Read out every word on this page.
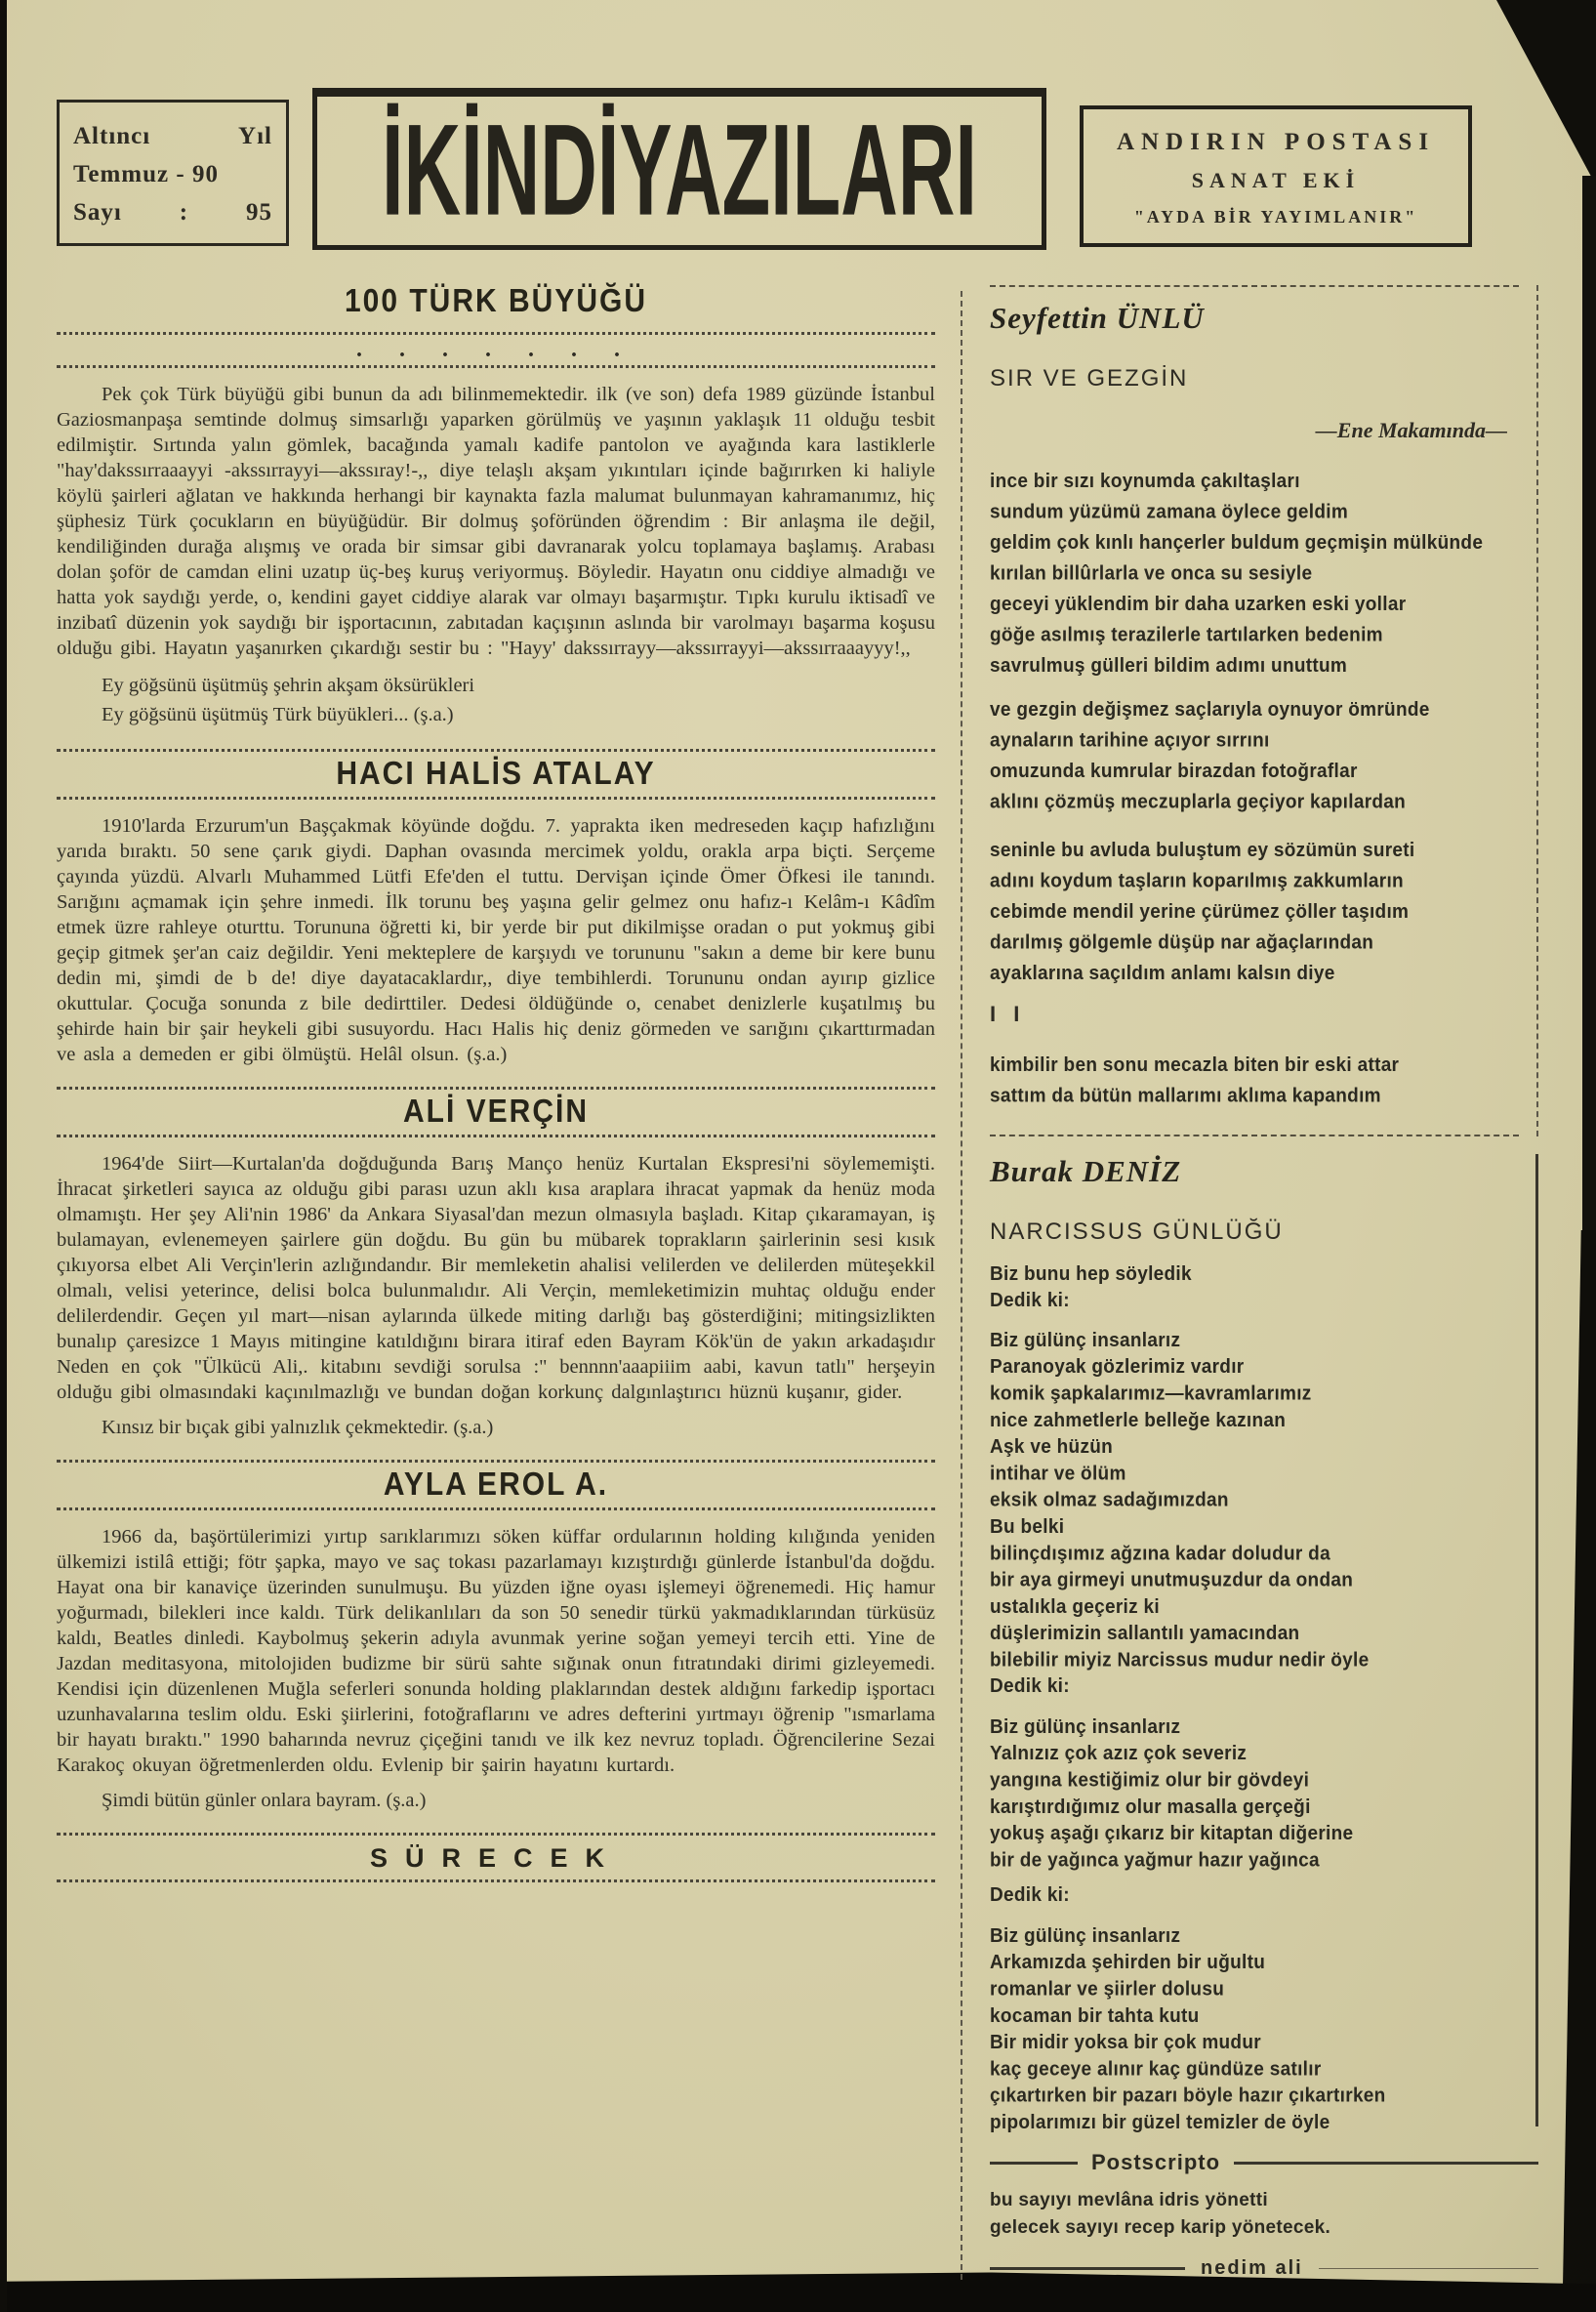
Altıncı	Yıl
Temmuz - 90
Sayı : 95 İKİNDİYAZILARI	ANDIRIN POSTASI
SANAT EKİ
"AYDA BİR YAYIMLANIR"
100 TÜRK BÜYÜĞÜ
. . . . . . .

Pek çok Türk büyüğü gibi bunun da adı bilinmemektedir. ilk (ve son) defa 1989 güzünde İstanbul Gaziosmanpaşa semtinde dolmuş simsarlığı yaparken görülmüş ve yaşının yaklaşık 11 olduğu tesbit edilmiştir. Sırtında yalın gömlek, bacağında yamalı kadife pantolon ve ayağında kara lastiklerle "hay'dakssırraaayyi -akssırrayyi—akssıray!-,, diye telaşlı akşam yıkıntıları içinde bağırırken ki haliyle köylü şairleri ağlatan ve hakkında herhangi bir kaynakta fazla malumat bulunmayan kahramanımız, hiç şüphesiz Türk çocukların en büyüğüdür. Bir dolmuş şoföründen öğrendim : Bir anlaşma ile değil, kendiliğinden durağa alışmış ve orada bir simsar gibi davranarak yolcu toplamaya başlamış. Arabası dolan şoför de camdan elini uzatıp üç-beş kuruş veriyormuş. Böyledir. Hayatın onu ciddiye almadığı ve hatta yok saydığı yerde, o, kendini gayet ciddiye alarak var olmayı başarmıştır. Tıpkı kurulu iktisadî ve inzibatî düzenin yok saydığı bir işportacının, zabıtadan kaçışının aslında bir varolmayı başarma koşusu olduğu gibi. Hayatın yaşanırken çıkardığı sestir bu : "Hayy' dakssırrayy—akssırrayyi—akssırraaayyy!,,

Ey göğsünü üşütmüş şehrin akşam öksürükleri
Ey göğsünü üşütmüş Türk büyükleri... (ş.a.)
HACI HALİS ATALAY

1910'larda Erzurum'un Başçakmak köyünde doğdu. 7. yaprakta iken medreseden kaçıp hafızlığını yarıda bıraktı. 50 sene çarık giydi. Daphan ovasında mercimek yoldu, orakla arpa biçti. Serçeme çayında yüzdü. Alvarlı Muhammed Lütfi Efe'den el tuttu. Dervişan içinde Ömer Öfkesi ile tanındı. Sarığını açmamak için şehre inmedi. İlk torunu beş yaşına gelir gelmez onu hafız-ı Kelâm-ı Kâdîm etmek üzre rahleye oturttu. Torununa öğretti ki, bir yerde bir put dikilmişse oradan o put yokmuş gibi geçip gitmek şer'an caiz değildir. Yeni mekteplere de karşıydı ve torununu "sakın a deme bir kere bunu dedin mi, şimdi de b de! diye dayatacaklardır,, diye tembihlerdi. Torununu ondan ayırıp gizlice okuttular. Çocuğa sonunda z bile dedirttiler. Dedesi öldüğünde o, cenabet denizlerle kuşatılmış bu şehirde hain bir şair heykeli gibi susuyordu. Hacı Halis hiç deniz görmeden ve sarığını çıkarttırmadan ve asla a demeden er gibi ölmüştü. Helâl olsun. (ş.a.)

ALİ VERÇİN

1964'de Siirt—Kurtalan'da doğduğunda Barış Manço henüz Kurtalan Ekspresi'ni söylememişti. İhracat şirketleri sayıca az olduğu gibi parası uzun aklı kısa araplara ihracat yapmak da henüz moda olmamıştı. Her şey Ali'nin 1986' da Ankara Siyasal'dan mezun olmasıyla başladı. Kitap çıkaramayan, iş bulamayan, evlenemeyen şairlere gün doğdu. Bu gün bu mübarek toprakların şairlerinin sesi kısık çıkıyorsa elbet Ali Verçin'lerin azlığındandır. Bir memleketin ahalisi velilerden ve delilerden müteşekkil olmalı, velisi yeterince, delisi bolca bulunmalıdır. Ali Verçin, memleketimizin muhtaç olduğu ender delilerdendir. Geçen yıl mart—nisan aylarında ülkede miting darlığı baş gösterdiğini; mitingsizlikten bunalıp çaresizce 1 Mayıs mitingine katıldığını birara itiraf eden Bayram Kök'ün de yakın arkadaşıdır Neden en çok "Ülkücü Ali,. kitabını sevdiği sorulsa :" bennnn'aaapiiim aabi, kavun tatlı" herşeyin olduğu gibi olmasındaki kaçınılmazlığı ve bundan doğan korkunç dalgınlaştırıcı hüznü kuşanır, gider.

Kınsız bir bıçak gibi yalnızlık çekmektedir. (ş.a.)

AYLA EROL A.

1966 da, başörtülerimizi yırtıp sarıklarımızı söken küffar ordularının holding kılığında yeniden ülkemizi istilâ ettiği; fötr şapka, mayo ve saç tokası pazarlamayı kızıştırdığı günlerde İstanbul'da doğdu. Hayat ona bir kanaviçe üzerinden sunulmuşu. Bu yüzden iğne oyası işlemeyi öğrenemedi. Hiç hamur yoğurmadı, bilekleri ince kaldı. Türk delikanlıları da son 50 senedir türkü yakmadıklarından türküsüz kaldı, Beatles dinledi. Kaybolmuş şekerin adıyla avunmak yerine soğan yemeyi tercih etti. Yine de Jazdan meditasyona, mitolojiden budizme bir sürü sahte sığınak onun fıtratındaki dirimi gizleyemedi. Kendisi için düzenlenen Muğla seferleri sonunda holding plaklarından destek aldığını farkedip işportacı uzunhavalarına teslim oldu. Eski şiirlerini, fotoğraflarını ve adres defterini yırtmayı öğrenip "ısmarlama bir hayatı bıraktı." 1990 baharında nevruz çiçeğini tanıdı ve ilk kez nevruz topladı. Öğrencilerine Sezai Karakoç okuyan öğretmenlerden oldu. Evlenip bir şairin hayatını kurtardı.

Şimdi bütün günler onlara bayram. (ş.a.)

SÜRECEK
Seyfettin ÜNLÜ
SIR VE GEZGİN
—Ene Makamında—
ince bir sızı koynumda çakıltaşları
sundum yüzümü zamana öylece geldim
geldim çok kınlı hançerler buldum geçmişin mülkünde
kırılan billûrlarla ve onca su sesiyle
geceyi yüklendim bir daha uzarken eski yollar
göğe asılmış terazilerle tartılarken bedenim
savrulmuş gülleri bildim adımı unuttum
ve gezgin değişmez saçlarıyla oynuyor ömründe
aynaların tarihine açıyor sırrını
omuzunda kumrular birazdan fotoğraflar
aklını çözmüş meczuplarla geçiyor kapılardan
seninle bu avluda buluştum ey sözümün sureti
adını koydum taşların koparılmış zakkumların
cebimde mendil yerine çürümez çöller taşıdım
darılmış gölgemle düşüp nar ağaçlarından
ayaklarına saçıldım anlamı kalsın diye
I I
kimbilir ben sonu mecazla biten bir eski attar
sattım da bütün mallarımı aklıma kapandım
Burak DENİZ
NARCISSUS GÜNLÜĞÜ
Biz bunu hep söyledik
Dedik ki:
Biz gülünç insanlarız
Paranoyak gözlerimiz vardır
komik şapkalarımız—kavramlarımız
nice zahmetlerle belleğe kazınan
Aşk ve hüzün
intihar ve ölüm
eksik olmaz sadağımızdan
Bu belki
bilinçdışımız ağzına kadar doludur da
bir aya girmeyi unutmuşuzdur da ondan
ustalıkla geçeriz ki
düşlerimizin sallantılı yamacından
bilebilir miyiz Narcissus mudur nedir öyle
Dedik ki:
Biz gülünç insanlarız
Yalnızız çok azız çok severiz
yangına kestiğimiz olur bir gövdeyi
karıştırdığımız olur masalla gerçeği
yokuş aşağı çıkarız bir kitaptan diğerine
bir de yağınca yağmur hazır yağınca
Dedik ki:
Biz gülünç insanlarız
Arkamızda şehirden bir uğultu
romanlar ve şiirler dolusu
kocaman bir tahta kutu
Bir midir yoksa bir çok mudur
kaç geceye alınır kaç gündüze satılır
çıkartırken bir pazarı böyle hazır çıkartırken
pipolarımızı bir güzel temizler de öyle
Postscripto
bu sayıyı mevlâna idris yönetti
gelecek sayıyı recep karip yönetecek.
nedim ali
